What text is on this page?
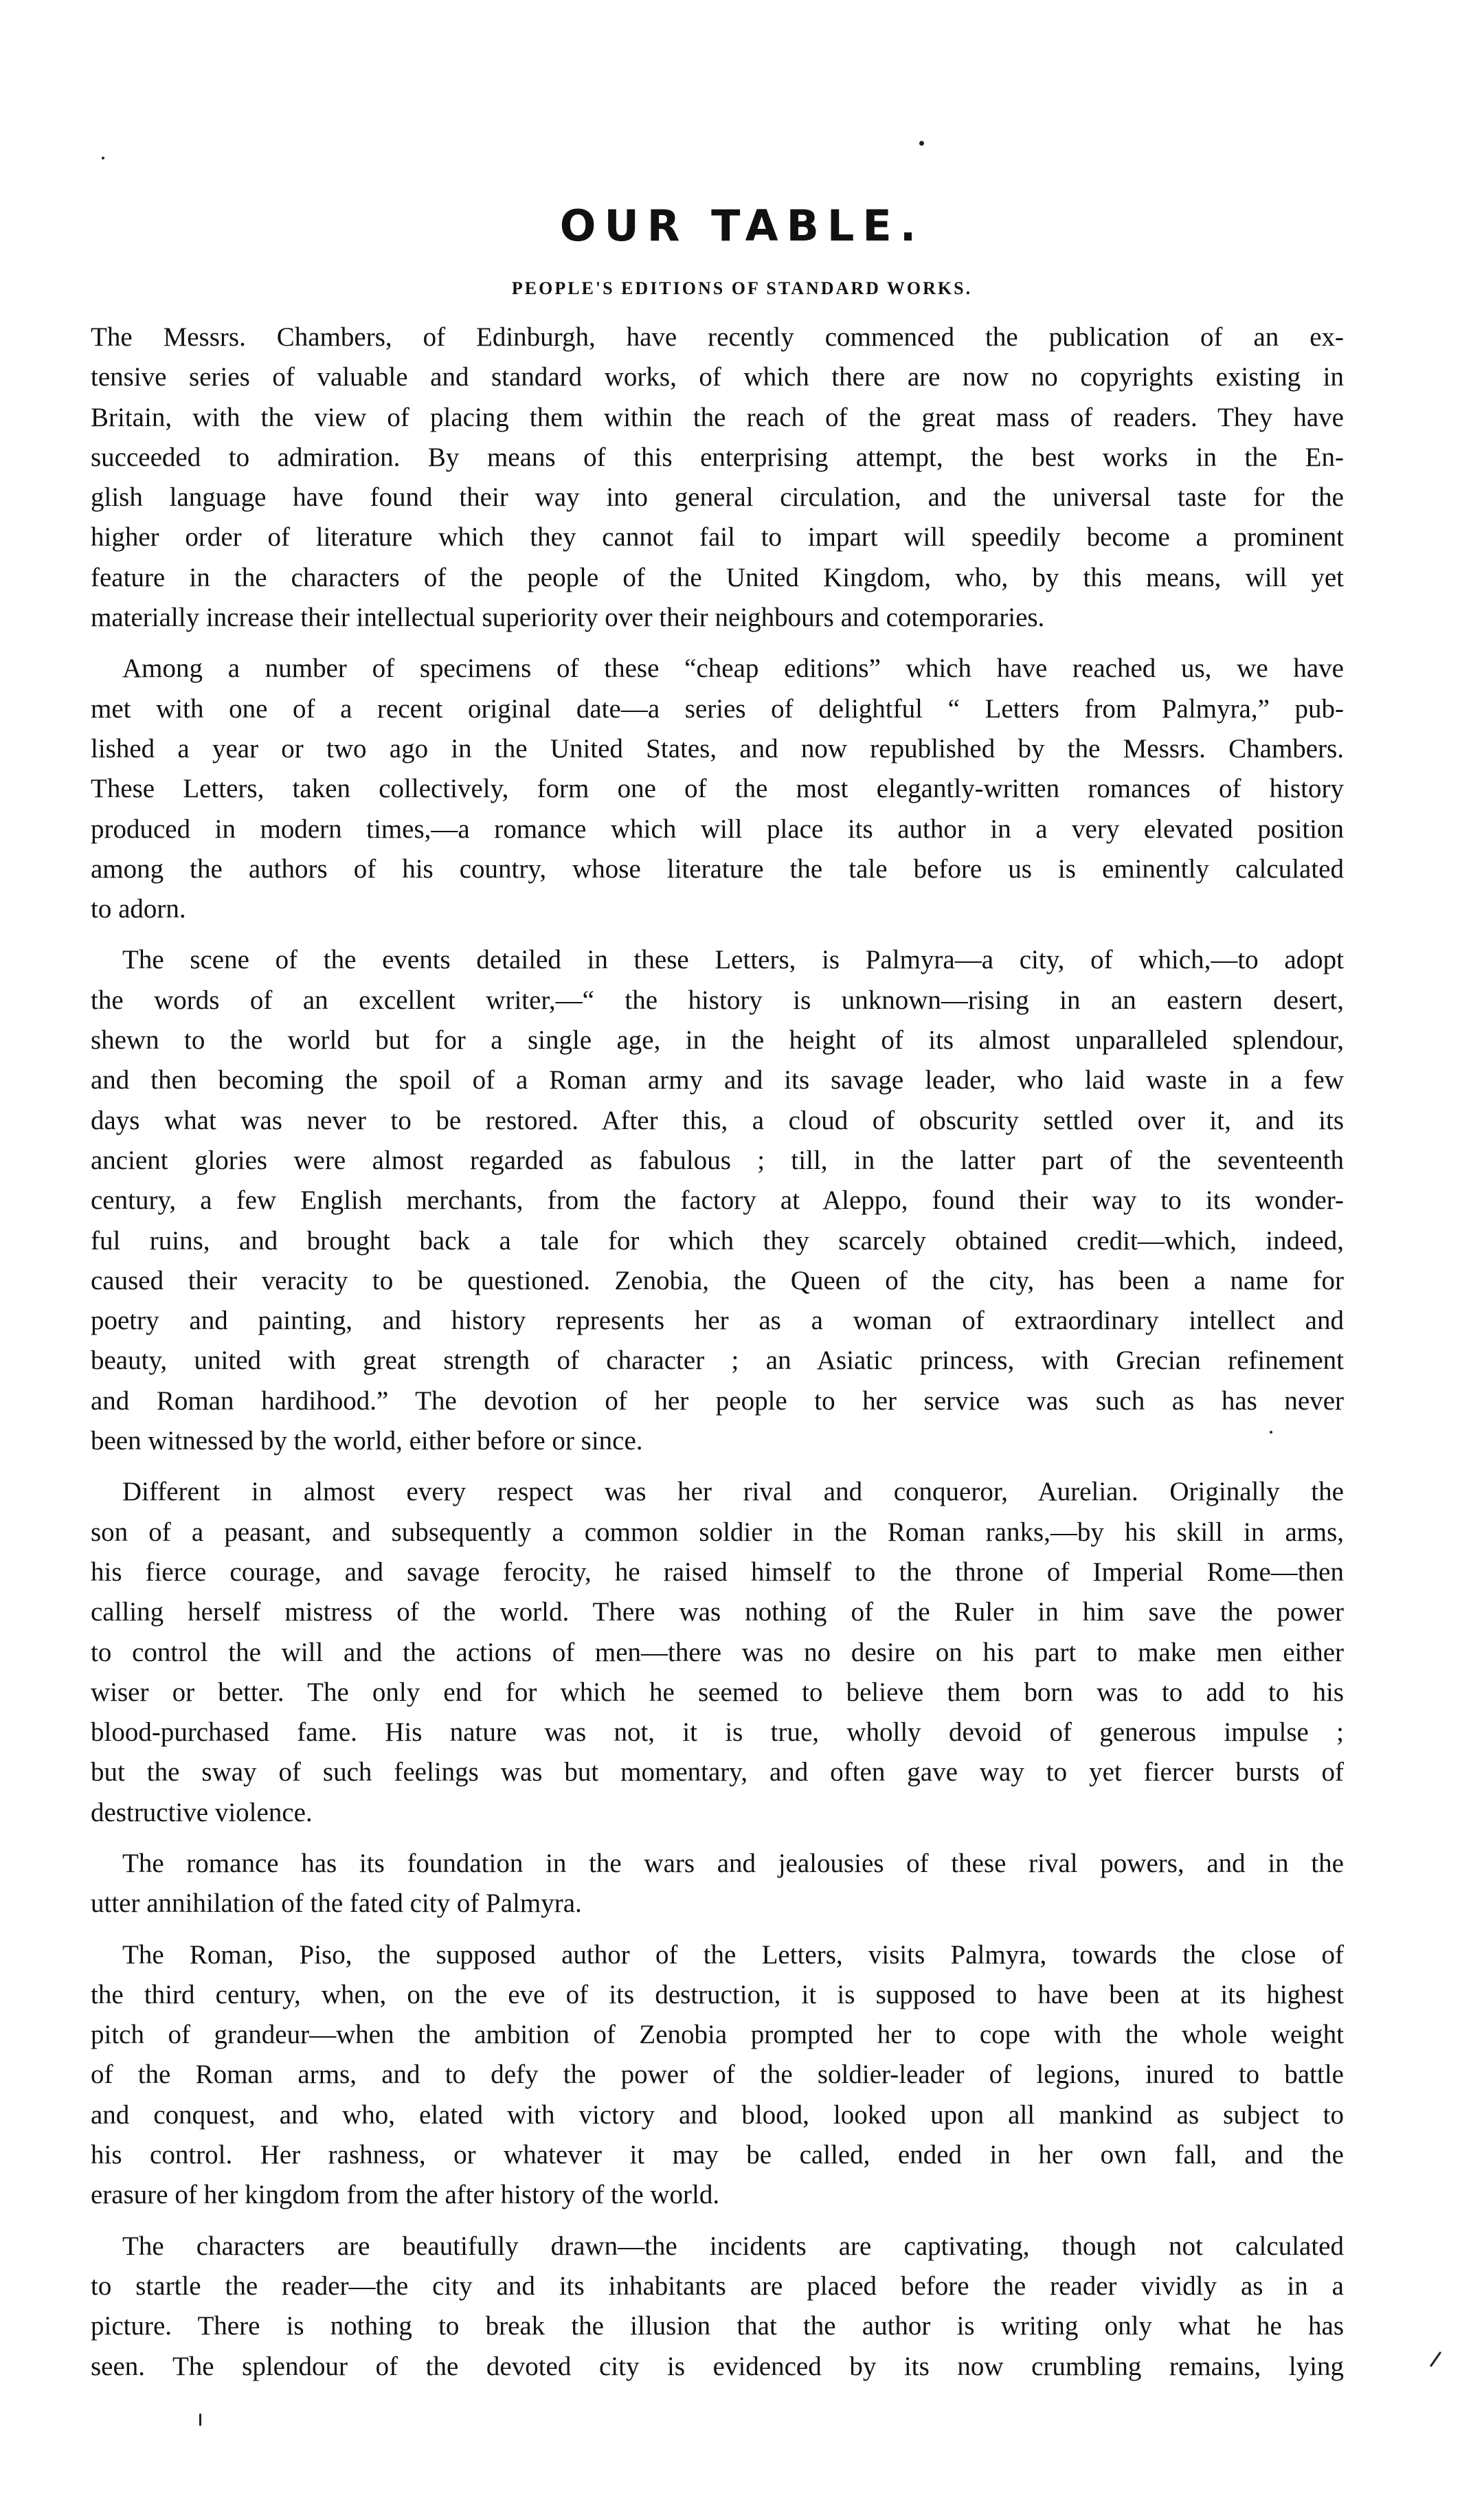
OUR TABLE.
PEOPLE'S EDITIONS OF STANDARD WORKS.
The Messrs. Chambers, of Edinburgh, have recently commenced the publication of an ex-
tensive series of valuable and standard works, of which there are now no copyrights existing in
Britain, with the view of placing them within the reach of the great mass of readers. They have
succeeded to admiration. By means of this enterprising attempt, the best works in the En-
glish language have found their way into general circulation, and the universal taste for the
higher order of literature which they cannot fail to impart will speedily become a prominent
feature in the characters of the people of the United Kingdom, who, by this means, will yet
materially increase their intellectual superiority over their neighbours and cotemporaries.
Among a number of specimens of these “cheap editions” which have reached us, we have
met with one of a recent original date—a series of delightful “ Letters from Palmyra,” pub-
lished a year or two ago in the United States, and now republished by the Messrs. Chambers.
These Letters, taken collectively, form one of the most elegantly-written romances of history
produced in modern times,—a romance which will place its author in a very elevated position
among the authors of his country, whose literature the tale before us is eminently calculated
to adorn.
The scene of the events detailed in these Letters, is Palmyra—a city, of which,—to adopt
the words of an excellent writer,—“ the history is unknown—rising in an eastern desert,
shewn to the world but for a single age, in the height of its almost unparalleled splendour,
and then becoming the spoil of a Roman army and its savage leader, who laid waste in a few
days what was never to be restored. After this, a cloud of obscurity settled over it, and its
ancient glories were almost regarded as fabulous ; till, in the latter part of the seventeenth
century, a few English merchants, from the factory at Aleppo, found their way to its wonder-
ful ruins, and brought back a tale for which they scarcely obtained credit—which, indeed,
caused their veracity to be questioned. Zenobia, the Queen of the city, has been a name for
poetry and painting, and history represents her as a woman of extraordinary intellect and
beauty, united with great strength of character ; an Asiatic princess, with Grecian refinement
and Roman hardihood.” The devotion of her people to her service was such as has never
been witnessed by the world, either before or since.
Different in almost every respect was her rival and conqueror, Aurelian. Originally the
son of a peasant, and subsequently a common soldier in the Roman ranks,—by his skill in arms,
his fierce courage, and savage ferocity, he raised himself to the throne of Imperial Rome—then
calling herself mistress of the world. There was nothing of the Ruler in him save the power
to control the will and the actions of men—there was no desire on his part to make men either
wiser or better. The only end for which he seemed to believe them born was to add to his
blood-purchased fame. His nature was not, it is true, wholly devoid of generous impulse ;
but the sway of such feelings was but momentary, and often gave way to yet fiercer bursts of
destructive violence.
The romance has its foundation in the wars and jealousies of these rival powers, and in the
utter annihilation of the fated city of Palmyra.
The Roman, Piso, the supposed author of the Letters, visits Palmyra, towards the close of
the third century, when, on the eve of its destruction, it is supposed to have been at its highest
pitch of grandeur—when the ambition of Zenobia prompted her to cope with the whole weight
of the Roman arms, and to defy the power of the soldier-leader of legions, inured to battle
and conquest, and who, elated with victory and blood, looked upon all mankind as subject to
his control. Her rashness, or whatever it may be called, ended in her own fall, and the
erasure of her kingdom from the after history of the world.
The characters are beautifully drawn—the incidents are captivating, though not calculated
to startle the reader—the city and its inhabitants are placed before the reader vividly as in a
picture. There is nothing to break the illusion that the author is writing only what he has
seen. The splendour of the devoted city is evidenced by its now crumbling remains, lying
